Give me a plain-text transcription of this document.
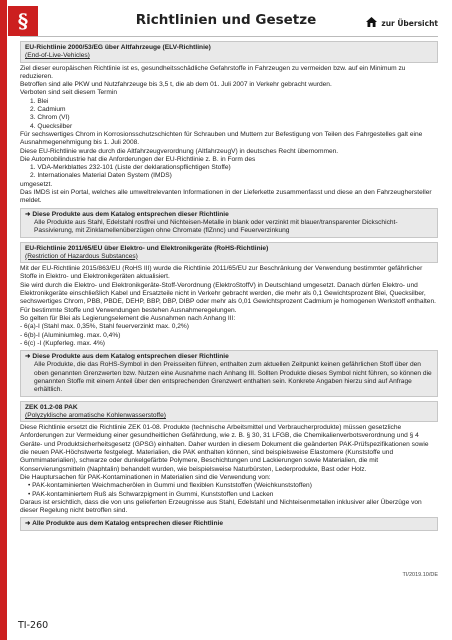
§	Richtlinien und Gesetze	zur Übersicht
EU-Richtlinie 2000/53/EG über Altfahrzeuge (ELV-Richtlinie)
(End-of-Live-Vehicles)

Ziel dieser europäischen Richtlinie ist es, gesundheitsschädliche Gefahrstoffe in Fahrzeugen zu vermeiden bzw. auf ein Minimum zu reduzieren.

Betroffen sind alle PKW und Nutzfahrzeuge bis 3,5 t, die ab dem 01. Juli 2007 in Verkehr gebracht wurden.

Verboten sind seit diesem Termin

1. Blei
2. Cadmium
3. Chrom (VI)
4. Quecksilber

Für sechswertiges Chrom in Korrosionsschutzschichten für Schrauben und Muttern zur Befestigung von Teilen des Fahrgestelles galt eine Ausnahmegenehmigung bis 1. Juli 2008.

Diese EU-Richtlinie wurde durch die Altfahrzeugverordnung (AltfahrzeugV) in deutsches Recht übernommen.

Die Automobilindustrie hat die Anforderungen der EU-Richtlinie z. B. in Form des

1. VDA-Merkblattes 232-101 (Liste der deklarationspflichtigen Stoffe)
2. Internationales Material Daten System (IMDS)

umgesetzt.

Das IMDS ist ein Portal, welches alle umweltrelevanten Informationen in der Lieferkette zusammenfasst und diese an den Fahrzeughersteller meldet.

➜ Diese Produkte aus dem Katalog entsprechen dieser Richtlinie
Alle Produkte aus Stahl, Edelstahl rostfrei und Nichteisen-Metalle in blank oder verzinkt mit blauer/transparenter Dickschicht-Passivierung, mit Zinklamellenüberzügen ohne Chromate (flZnnc) und Feuerverzinkung
EU-Richtlinie 2011/65/EU über Elektro- und Elektronikgeräte (RoHS-Richtlinie)
(Restriction of Hazardous Substances)

Mit der EU-Richtlinie 2015/863/EU (RoHS III) wurde die Richtlinie 2011/65/EU zur Beschränkung der Verwendung bestimmter gefährlicher Stoffe in Elektro- und Elektronikgeräten aktualisiert.

Sie wird durch die Elektro- und Elektronikgeräte-Stoff-Verordnung (ElektroStoffV) in Deutschland umgesetzt. Danach dürfen Elektro- und Elektronikgeräte einschließlich Kabel und Ersatzteile nicht in Verkehr gebracht werden, die mehr als 0,1 Gewichtsprozent Blei, Quecksilber, sechswertiges Chrom, PBB, PBDE, DEHP, BBP, DBP, DIBP oder mehr als 0,01 Gewichtsprozent Cadmium je homogenen Werkstoff enthalten. Für bestimmte Stoffe und Verwendungen bestehen Ausnahmeregelungen.

So gelten für Blei als Legierungselement die Ausnahmen nach Anhang III:

- 6(a)-I (Stahl max. 0,35%, Stahl feuerverzinkt max. 0,2%)
- 6(b)-I (Aluminiumleg. max. 0,4%)
- 6(c) -I (Kupferleg. max. 4%)
➜ Diese Produkte aus dem Katalog entsprechen dieser Richtlinie
Alle Produkte, die das RoHS-Symbol in den Preisseiten führen, enthalten zum aktuellen Zeitpunkt keinen gefährlichen Stoff über den oben genannten Grenzwerten bzw. Nutzen eine Ausnahme nach Anhang III. Sollten Produkte dieses Symbol nicht führen, so können die genannten Stoffe mit einem Anteil über den entsprechenden Grenzwert enthalten sein. Konkrete Angaben hierzu sind auf Anfrage erhältlich.
ZEK 01.2-08 PAK
(Polyzyklische aromatische Kohlenwasserstoffe)

Diese Richtlinie ersetzt die Richtlinie ZEK 01-08. Produkte (technische Arbeitsmittel und Verbraucherprodukte) müssen gesetzliche Anforderungen zur Vermeidung einer gesundheitlichen Gefährdung, wie z. B. § 30, 31 LFGB, die Chemikalienverbotsverordnung und § 4 Geräte- und Produktsicherheitsgesetz (GPSG) einhalten. Daher wurden in diesem Dokument die geänderten PAK-Prüfspezifikationen sowie die neuen PAK-Höchstwerte festgelegt. Materialien, die PAK enthalten können, sind beispielsweise Elastomere (Kunststoffe und Gummimaterialien), schwarze oder dunkelgefärbte Polymere, Beschichtungen und Lackierungen sowie Materialien, die mit Konservierungsmitteln (Naphtalin) behandelt wurden, wie beispielsweise Naturbürsten, Lederprodukte, Bast oder Holz.

Die Hauptursachen für PAK-Kontaminationen in Materialien sind die Verwendung von:

• PAK-kontaminierten Weichmacherölen in Gummi und flexiblen Kunststoffen (Weichkunststoffen)
• PAK-kontaminiertem Ruß als Schwarzpigment in Gummi, Kunststoffen und Lacken

Daraus ist ersichtlich, dass die von uns gelieferten Erzeugnisse aus Stahl, Edelstahl und Nichteisenmetallen inklusiver aller Überzüge von dieser Regelung nicht betroffen sind.

➜ Alle Produkte aus dem Katalog entsprechen dieser Richtlinie
TI/2019.10/DE
TI-260
